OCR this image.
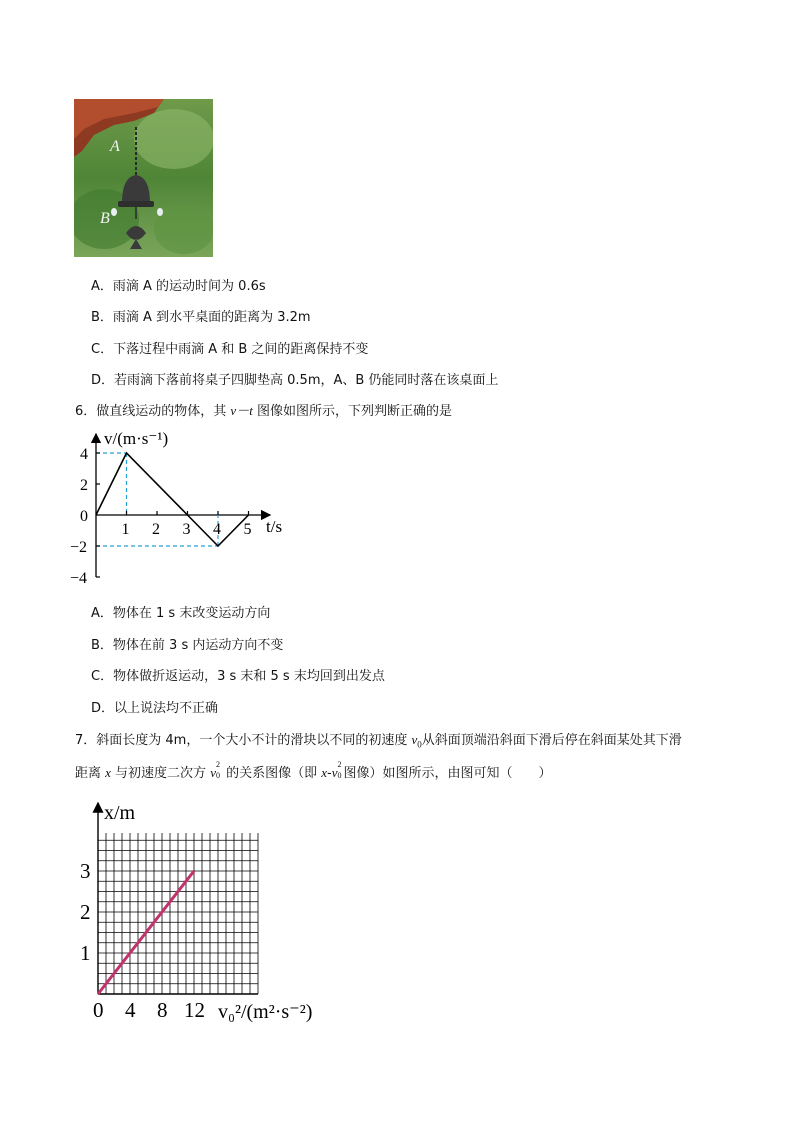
A
B
A．雨滴 A 的运动时间为 0.6s
B．雨滴 A 到水平桌面的距离为 3.2m
C．下落过程中雨滴 A 和 B 之间的距离保持不变
D．若雨滴下落前将桌子四脚垫高 0.5m，A、B 仍能同时落在该桌面上
6．做直线运动的物体，其 v－t 图像如图所示，下列判断正确的是
1 2 3 4 5
4
2
0
−2
−4
v/(m·s⁻¹)
t/s
A．物体在 1 s 末改变运动方向
B．物体在前 3 s 内运动方向不变
C．物体做折返运动，3 s 末和 5 s 末均回到出发点
D．以上说法均不正确
7．斜面长度为 4m，一个大小不计的滑块以不同的初速度 $v_0$从斜面顶端沿斜面下滑后停在斜面某处其下滑
距离 x 与初速度二次方 v
2
0 的关系图像（即 x-v
2
0 图像）如图所示，由图可知（　　）
0 4 8 12
1
2
3
x/m
v₀²/(m²·s⁻²)
